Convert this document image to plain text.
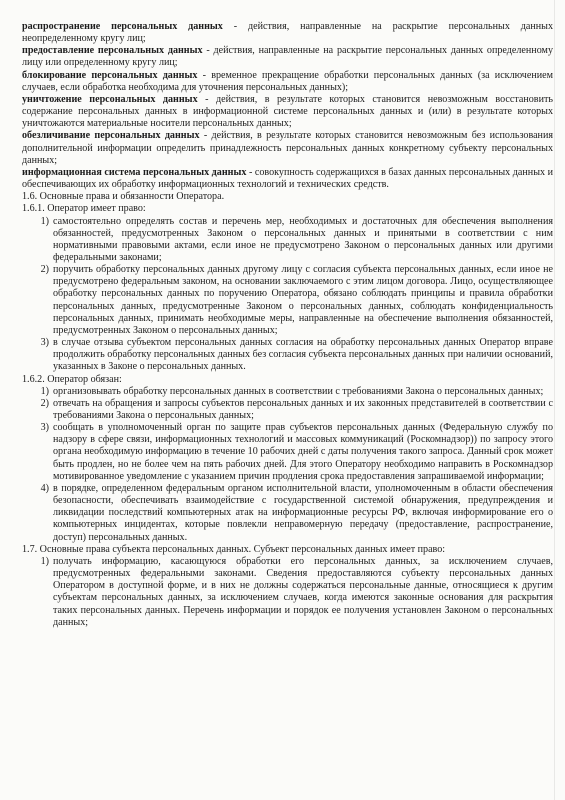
распространение персональных данных - действия, направленные на раскрытие персональных данных неопределенному кругу лиц;

предоставление персональных данных - действия, направленные на раскрытие персональных данных определенному лицу или определенному кругу лиц;

блокирование персональных данных - временное прекращение обработки персональных данных (за исключением случаев, если обработка необходима для уточнения персональных данных);

уничтожение персональных данных - действия, в результате которых становится невозможным восстановить содержание персональных данных в информационной системе персональных данных и (или) в результате которых уничтожаются материальные носители персональных данных;

обезличивание персональных данных - действия, в результате которых становится невозможным без использования дополнительной информации определить принадлежность персональных данных конкретному субъекту персональных данных;

информационная система персональных данных - совокупность содержащихся в базах данных персональных данных и обеспечивающих их обработку информационных технологий и технических средств.

1.6. Основные права и обязанности Оператора.

1.6.1. Оператор имеет право:

1) самостоятельно определять состав и перечень мер, необходимых и достаточных для обеспечения выполнения обязанностей, предусмотренных Законом о персональных данных и принятыми в соответствии с ним нормативными правовыми актами, если иное не предусмотрено Законом о персональных данных или другими федеральными законами;
2) поручить обработку персональных данных другому лицу с согласия субъекта персональных данных, если иное не предусмотрено федеральным законом, на основании заключаемого с этим лицом договора. Лицо, осуществляющее обработку персональных данных по поручению Оператора, обязано соблюдать принципы и правила обработки персональных данных, предусмотренные Законом о персональных данных, соблюдать конфиденциальность персональных данных, принимать необходимые меры, направленные на обеспечение выполнения обязанностей, предусмотренных Законом о персональных данных;
3) в случае отзыва субъектом персональных данных согласия на обработку персональных данных Оператор вправе продолжить обработку персональных данных без согласия субъекта персональных данных при наличии оснований, указанных в Законе о персональных данных.

1.6.2. Оператор обязан:

1) организовывать обработку персональных данных в соответствии с требованиями Закона о персональных данных;
2) отвечать на обращения и запросы субъектов персональных данных и их законных представителей в соответствии с требованиями Закона о персональных данных;
3) сообщать в уполномоченный орган по защите прав субъектов персональных данных (Федеральную службу по надзору в сфере связи, информационных технологий и массовых коммуникаций (Роскомнадзор)) по запросу этого органа необходимую информацию в течение 10 рабочих дней с даты получения такого запроса. Данный срок может быть продлен, но не более чем на пять рабочих дней. Для этого Оператору необходимо направить в Роскомнадзор мотивированное уведомление с указанием причин продления срока предоставления запрашиваемой информации;
4) в порядке, определенном федеральным органом исполнительной власти, уполномоченным в области обеспечения безопасности, обеспечивать взаимодействие с государственной системой обнаружения, предупреждения и ликвидации последствий компьютерных атак на информационные ресурсы РФ, включая информирование его о компьютерных инцидентах, которые повлекли неправомерную передачу (предоставление, распространение, доступ) персональных данных.

1.7. Основные права субъекта персональных данных. Субъект персональных данных имеет право:

1) получать информацию, касающуюся обработки его персональных данных, за исключением случаев, предусмотренных федеральными законами. Сведения предоставляются субъекту персональных данных Оператором в доступной форме, и в них не должны содержаться персональные данные, относящиеся к другим субъектам персональных данных, за исключением случаев, когда имеются законные основания для раскрытия таких персональных данных. Перечень информации и порядок ее получения установлен Законом о персональных данных;
